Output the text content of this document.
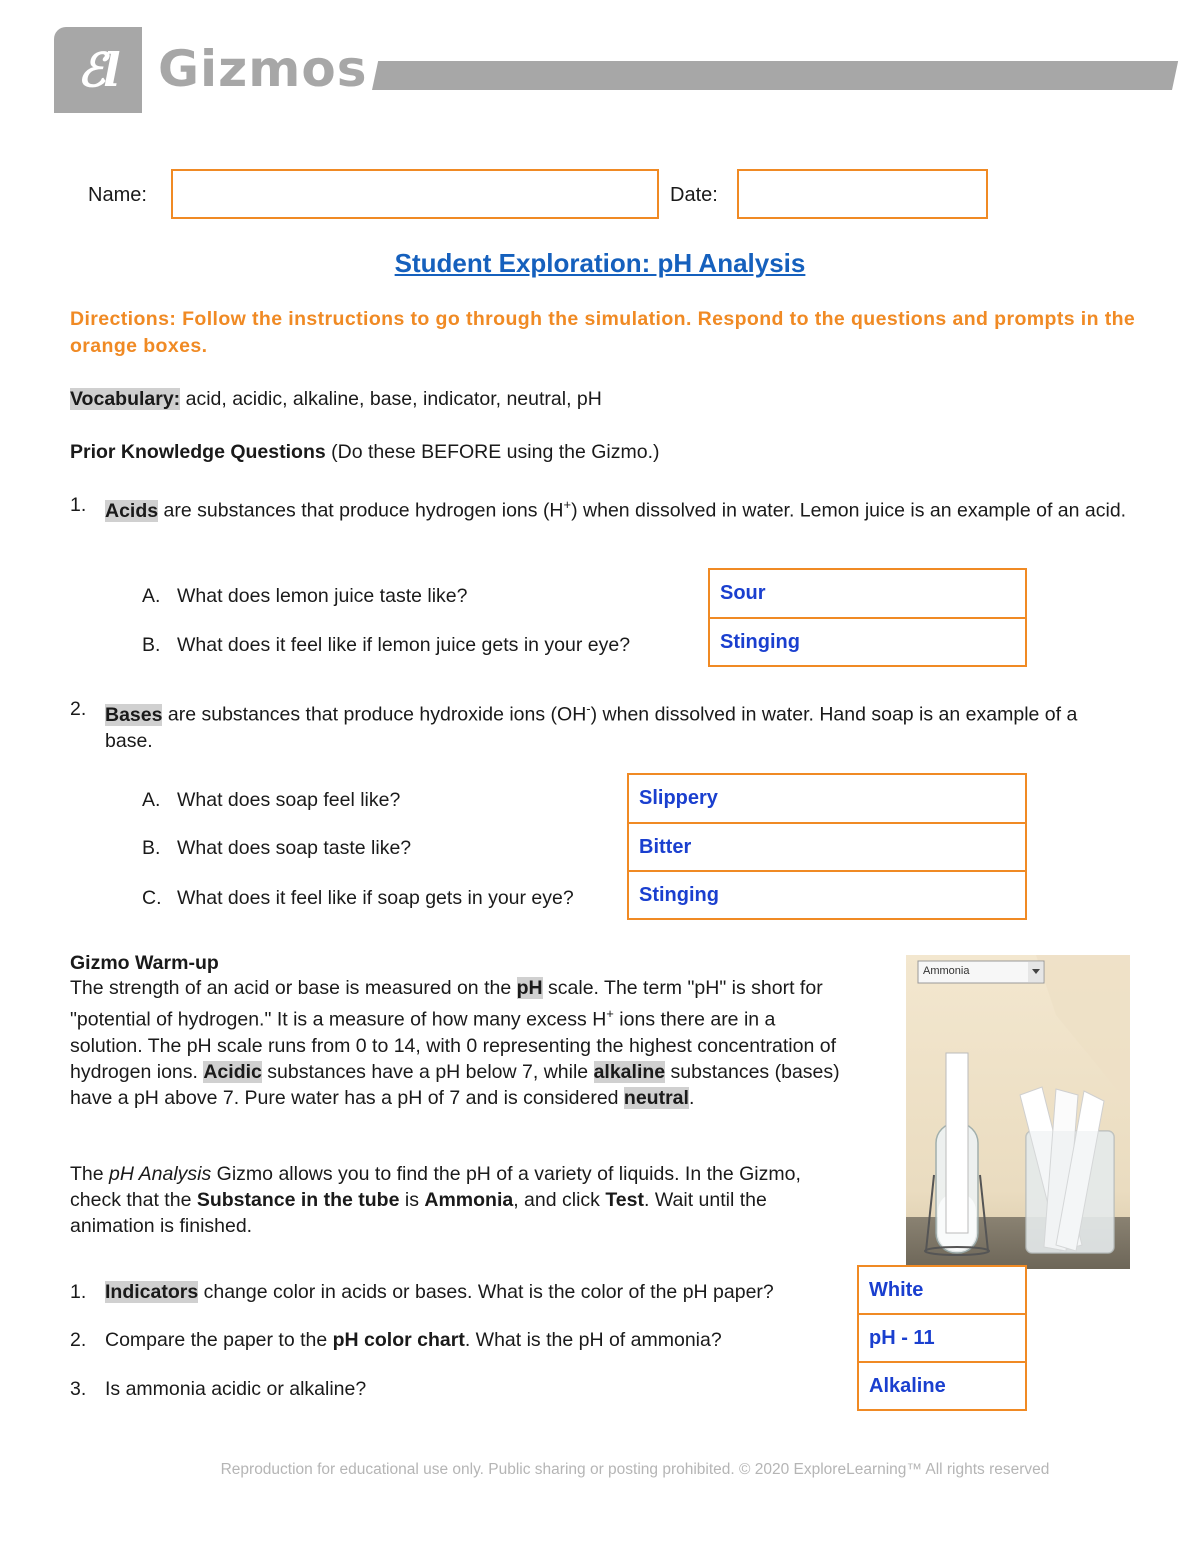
ℰl Gizmos
Name:	Date:
Student Exploration: pH Analysis
Directions: Follow the instructions to go through the simulation. Respond to the questions and prompts in the orange boxes.
Vocabulary: acid, acidic, alkaline, base, indicator, neutral, pH
Prior Knowledge Questions (Do these BEFORE using the Gizmo.)
1. Acids are substances that produce hydrogen ions (H+) when dissolved in water. Lemon juice is an example of an acid.
A. What does lemon juice taste like?	Sour
B. What does it feel like if lemon juice gets in your eye?	Stinging
2. Bases are substances that produce hydroxide ions (OH-) when dissolved in water. Hand soap is an example of a base.
A. What does soap feel like?	Slippery
B. What does soap taste like?	Bitter
C. What does it feel like if soap gets in your eye?	Stinging
Gizmo Warm-up
The strength of an acid or base is measured on the pH scale. The term "pH" is short for "potential of hydrogen." It is a measure of how many excess H+ ions there are in a solution. The pH scale runs from 0 to 14, with 0 representing the highest concentration of hydrogen ions. Acidic substances have a pH below 7, while alkaline substances (bases) have a pH above 7. Pure water has a pH of 7 and is considered neutral.
The pH Analysis Gizmo allows you to find the pH of a variety of liquids. In the Gizmo, check that the Substance in the tube is Ammonia, and click Test. Wait until the animation is finished.
Ammonia
1. Indicators change color in acids or bases. What is the color of the pH paper?	White
2. Compare the paper to the pH color chart. What is the pH of ammonia?	pH - 11
3. Is ammonia acidic or alkaline?	Alkaline
Reproduction for educational use only. Public sharing or posting prohibited. © 2020 ExploreLearning™ All rights reserved
